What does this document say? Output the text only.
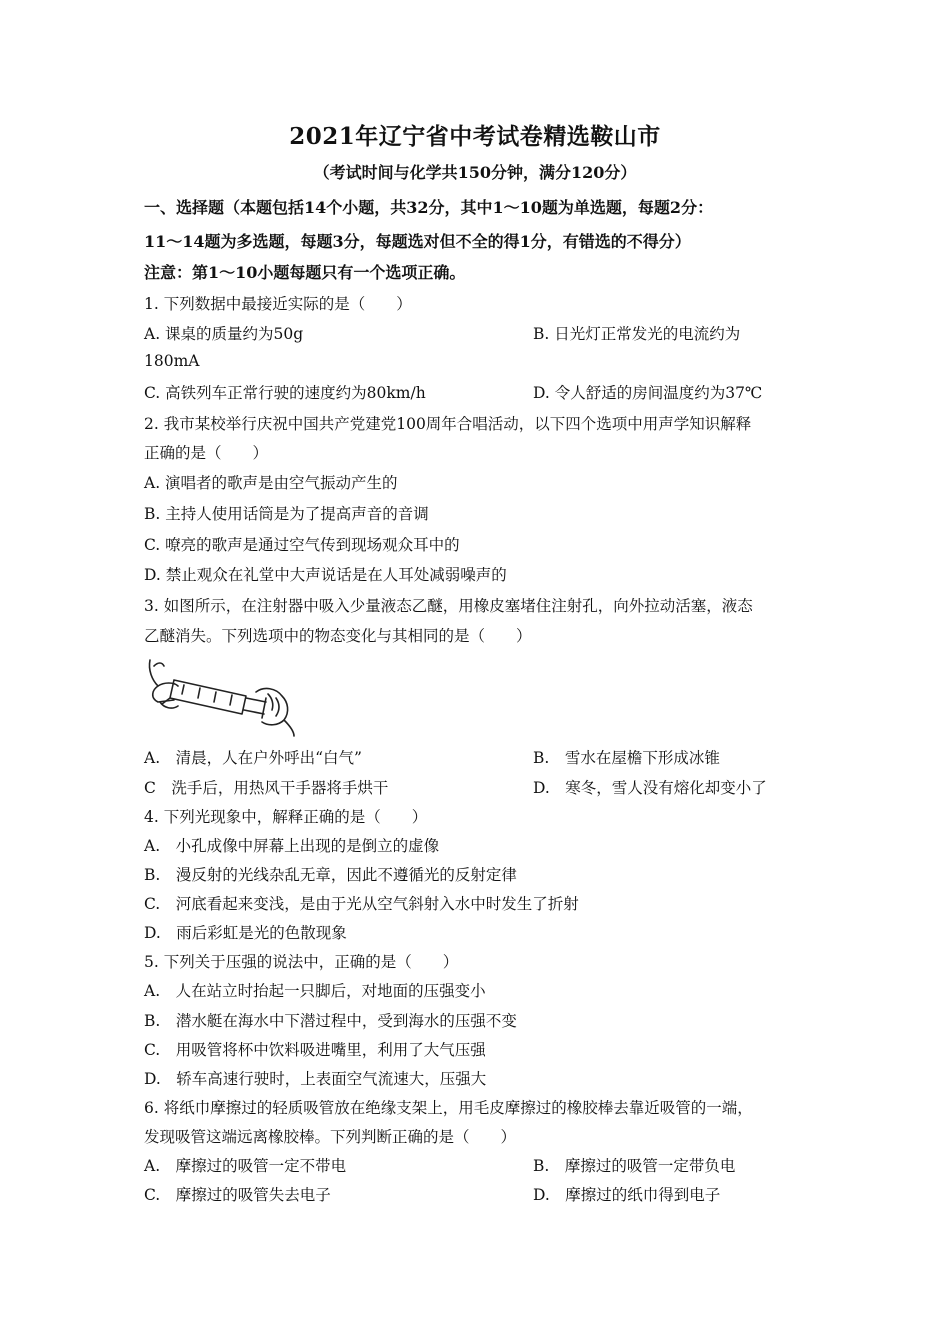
2021年辽宁省中考试卷精选鞍山市
（考试时间与化学共150分钟，满分120分）
一、选择题（本题包括14个小题，共32分，其中1～10题为单选题，每题2分：
11～14题为多选题，每题3分，每题选对但不全的得1分，有错选的不得分）
注意：第1～10小题每题只有一个选项正确。
1. 下列数据中最接近实际的是（　　）
A. 课桌的质量约为50g	B. 日光灯正常发光的电流约为
180mA
C. 高铁列车正常行驶的速度约为80km/h	D. 令人舒适的房间温度约为37℃
2. 我市某校举行庆祝中国共产党建党100周年合唱活动，以下四个选项中用声学知识解释
正确的是（　　）
A. 演唱者的歌声是由空气振动产生的
B. 主持人使用话筒是为了提高声音的音调
C. 嘹亮的歌声是通过空气传到现场观众耳中的
D. 禁止观众在礼堂中大声说话是在人耳处减弱噪声的
3. 如图所示，在注射器中吸入少量液态乙醚，用橡皮塞堵住注射孔，向外拉动活塞，液态
乙醚消失。下列选项中的物态变化与其相同的是（　　）
A.　清晨，人在户外呼出“白气”	B.　雪水在屋檐下形成冰锥
C　洗手后，用热风干手器将手烘干	D.　寒冬，雪人没有熔化却变小了
4. 下列光现象中，解释正确的是（　　）
A.　小孔成像中屏幕上出现的是倒立的虚像
B.　漫反射的光线杂乱无章，因此不遵循光的反射定律
C.　河底看起来变浅，是由于光从空气斜射入水中时发生了折射
D.　雨后彩虹是光的色散现象
5. 下列关于压强的说法中，正确的是（　　）
A.　人在站立时抬起一只脚后，对地面的压强变小
B.　潜水艇在海水中下潜过程中，受到海水的压强不变
C.　用吸管将杯中饮料吸进嘴里，利用了大气压强
D.　轿车高速行驶时，上表面空气流速大，压强大
6. 将纸巾摩擦过的轻质吸管放在绝缘支架上，用毛皮摩擦过的橡胶棒去靠近吸管的一端，
发现吸管这端远离橡胶棒。下列判断正确的是（　　）
A.　摩擦过的吸管一定不带电	B.　摩擦过的吸管一定带负电
C.　摩擦过的吸管失去电子	D.　摩擦过的纸巾得到电子
